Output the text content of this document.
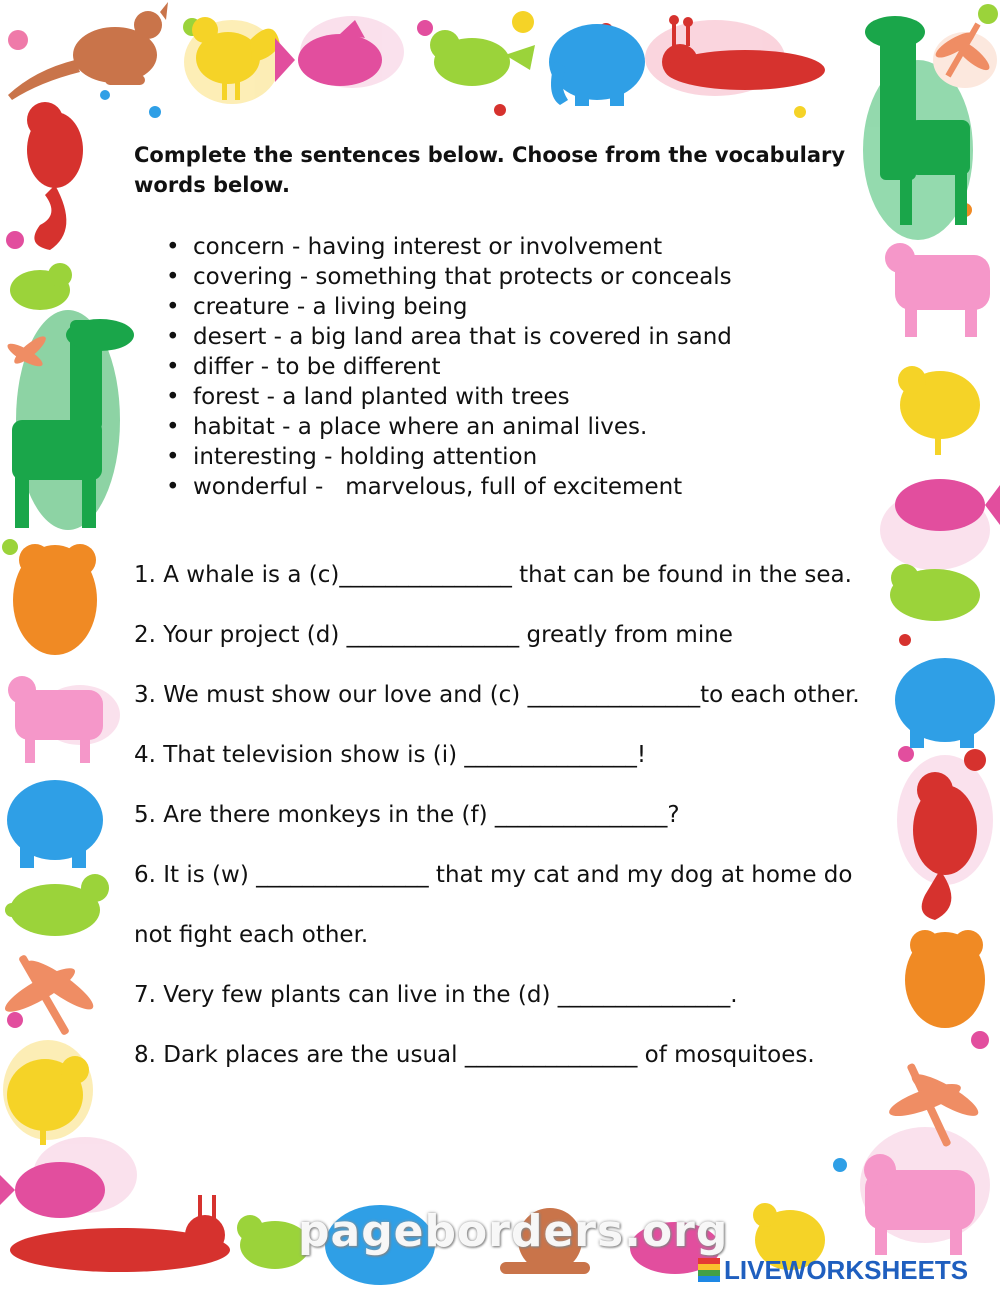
Complete the sentences below. Choose from the vocabulary words below.

• concern - having interest or involvement
• covering - something that protects or conceals
• creature - a living being
• desert - a big land area that is covered in sand
• differ - to be different
• forest - a land planted with trees
• habitat - a place where an animal lives.
• interesting - holding attention
• wonderful -   marvelous, full of excitement
1. A whale is a (c)_______________ that can be found in the sea.
2. Your project (d) _______________ greatly from mine
3. We must show our love and (c) _______________to each other.
4. That television show is (i) _______________!
5. Are there monkeys in the (f) _______________?
6. It is (w) _______________ that my cat and my dog at home do
not fight each other.
7. Very few plants can live in the (d) _______________.
8. Dark places are the usual _______________ of mosquitoes.
pageborders.org
LIVEWORKSHEETS
